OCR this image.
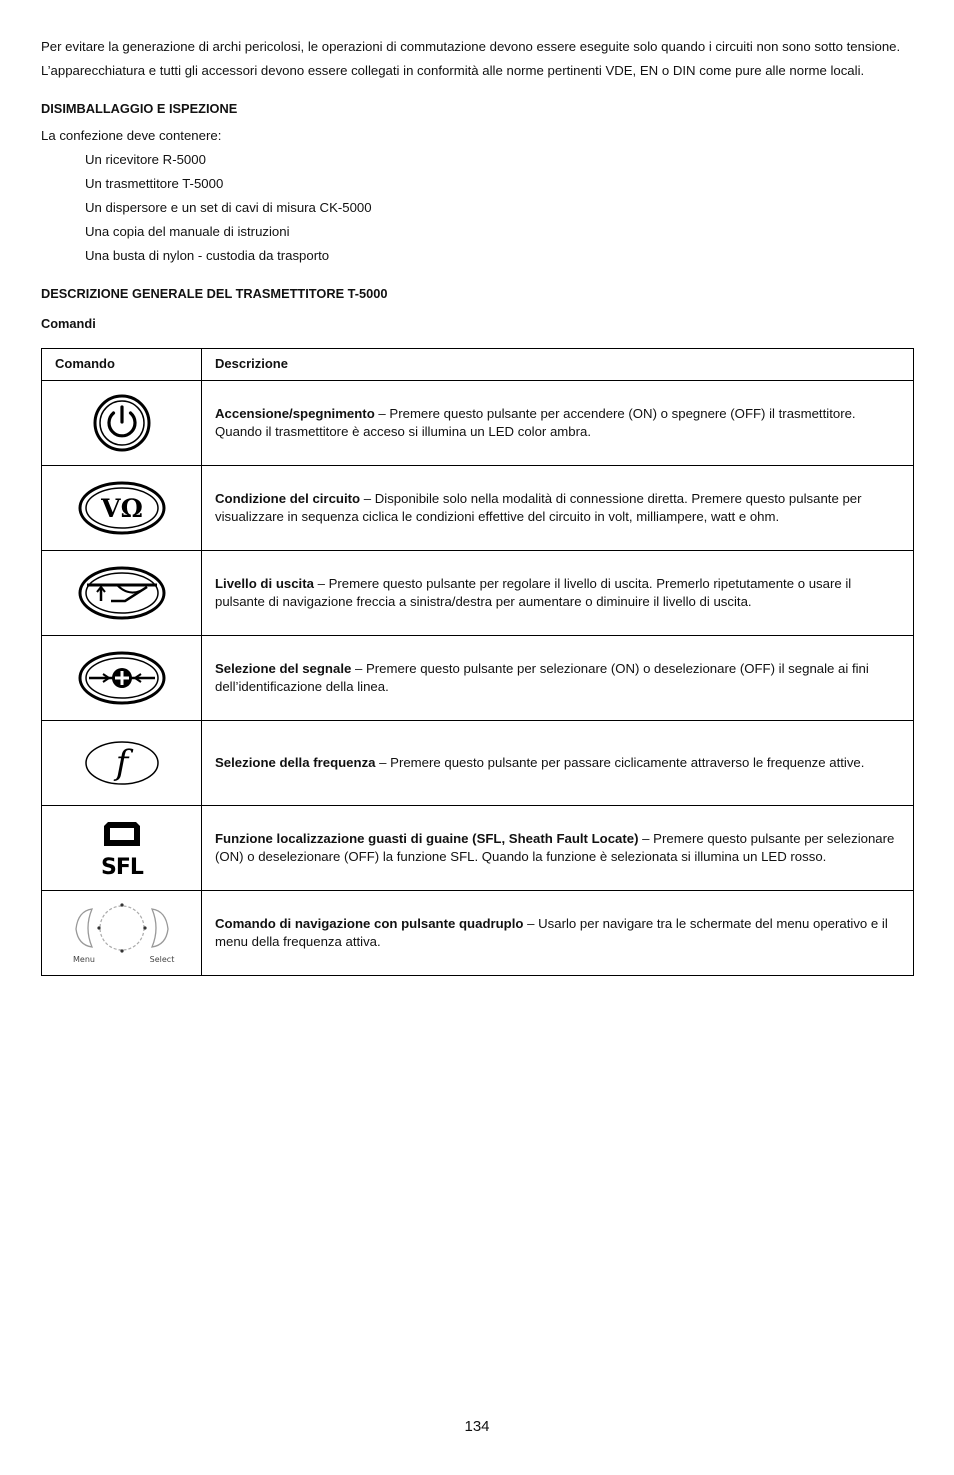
Per evitare la generazione di archi pericolosi, le operazioni di commutazione devono essere eseguite solo quando i circuiti non sono sotto tensione.

L’apparecchiatura e tutti gli accessori devono essere collegati in conformità alle norme pertinenti VDE, EN o DIN come pure alle norme locali.

DISIMBALLAGGIO E ISPEZIONE

La confezione deve contenere:

Un ricevitore R-5000
Un trasmettitore T-5000
Un dispersore e un set di cavi di misura CK-5000
Una copia del manuale di istruzioni
Una busta di nylon - custodia da trasporto

DESCRIZIONE GENERALE DEL TRASMETTITORE T-5000

Comandi

Comando	Descrizione

	Accensione/spegnimento – Premere questo pulsante per accendere (ON) o spegnere (OFF) il trasmettitore. Quando il trasmettitore è acceso si illumina un LED color ambra.

VΩ	Condizione del circuito – Disponibile solo nella modalità di connessione diretta. Premere questo pulsante per visualizzare in sequenza ciclica le condizioni effettive del circuito in volt, milliampere, watt e ohm.

	Livello di uscita – Premere questo pulsante per regolare il livello di uscita. Premerlo ripetutamente o usare il pulsante di navigazione freccia a sinistra/destra per aumentare o diminuire il livello di uscita.

	Selezione del segnale – Premere questo pulsante per selezionare (ON) o deselezionare (OFF) il segnale ai fini dell’identificazione della linea.

f	Selezione della frequenza – Premere questo pulsante per passare ciclicamente attraverso le frequenze attive.

SFL	Funzione localizzazione guasti di guaine (SFL, Sheath Fault Locate) – Premere questo pulsante per selezionare (ON) o deselezionare (OFF) la funzione SFL. Quando la funzione è selezionata si illumina un LED rosso.

Menu Select	Comando di navigazione con pulsante quadruplo – Usarlo per navigare tra le schermate del menu operativo e il menu della frequenza attiva.
134
